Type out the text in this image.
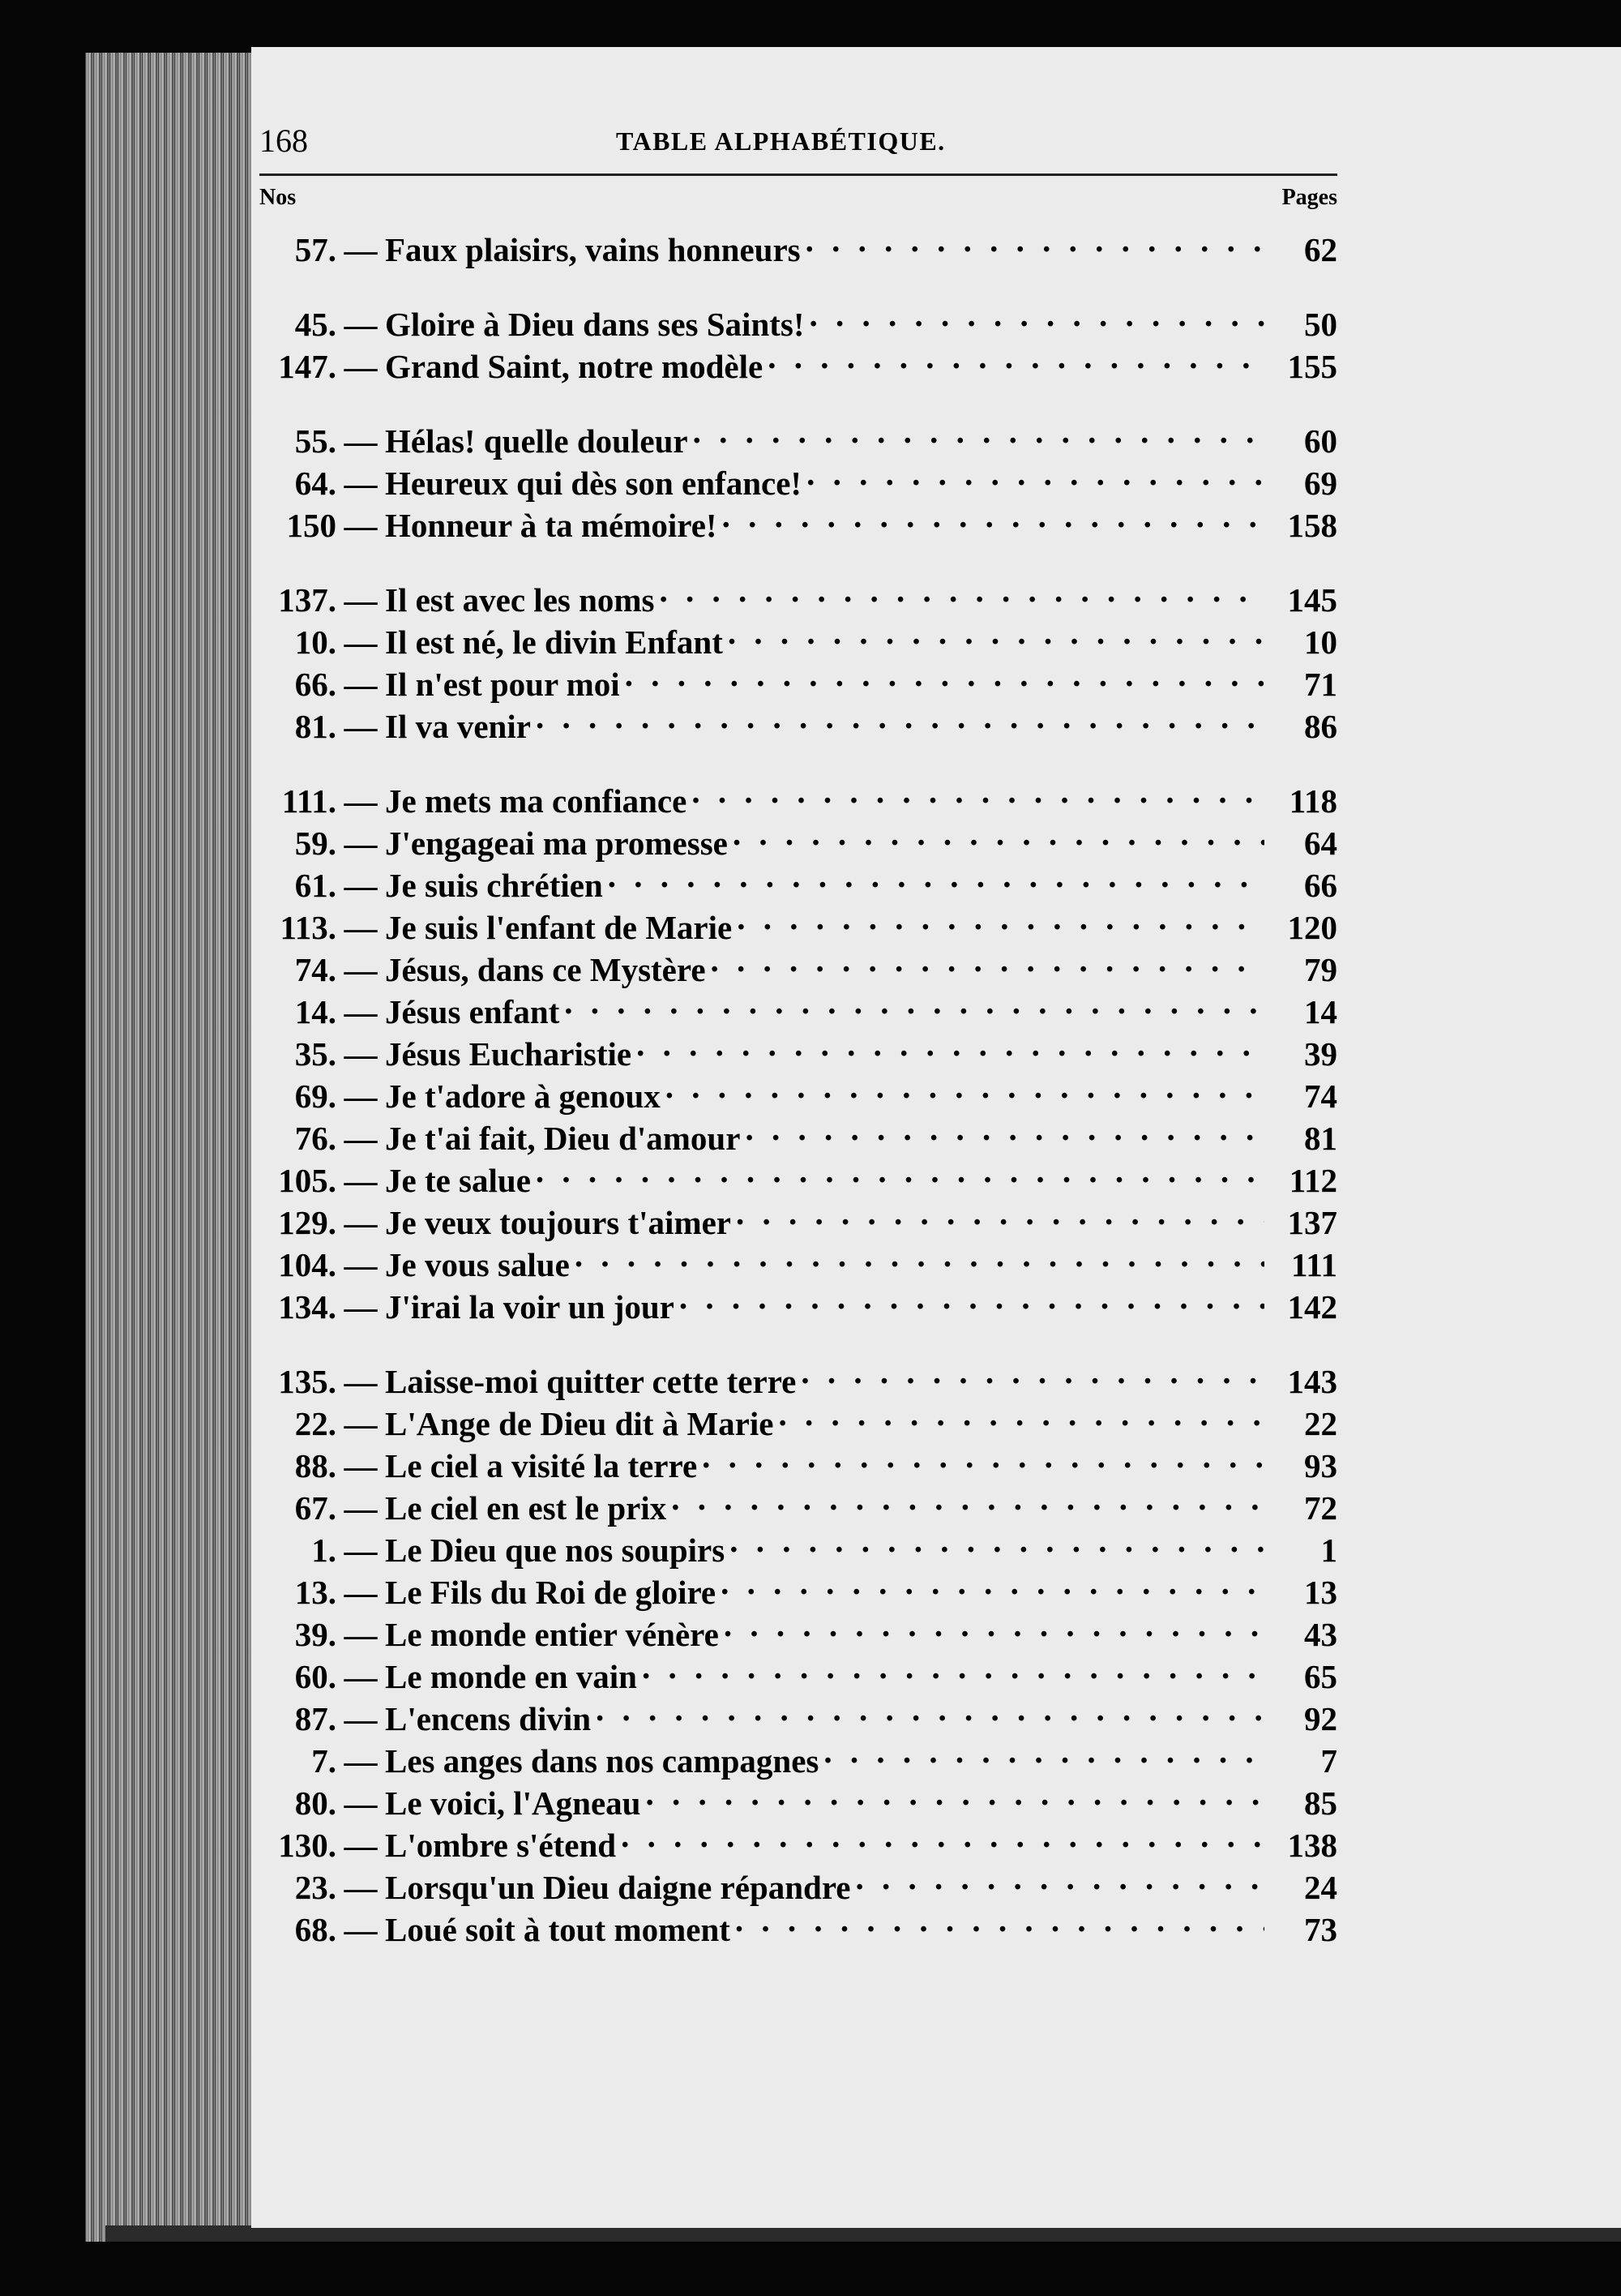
168	TABLE ALPHABÉTIQUE.
Nos	Pages
57. — Faux plaisirs, vains honneurs . . .	62
45. — Gloire à Dieu dans ses Saints! . . .	50
147. — Grand Saint, notre modèle . . .	155
55. — Hélas! quelle douleur . . .	60
64. — Heureux qui dès son enfance! . . .	69
150 — Honneur à ta mémoire! . . .	158
137. — Il est avec les noms . . .	145
10. — Il est né, le divin Enfant . . .	10
66. — Il n'est pour moi . . .	71
81. — Il va venir . . .	86
111. — Je mets ma confiance . . .	118
59. — J'engageai ma promesse . . .	64
61. — Je suis chrétien . . .	66
113. — Je suis l'enfant de Marie . . .	120
74. — Jésus, dans ce Mystère . . .	79
14. — Jésus enfant . . .	14
35. — Jésus Eucharistie . . .	39
69. — Je t'adore à genoux . . .	74
76. — Je t'ai fait, Dieu d'amour . . .	81
105. — Je te salue . . .	112
129. — Je veux toujours t'aimer . . .	137
104. — Je vous salue . . .	111
134. — J'irai la voir un jour . . .	142
135. — Laisse-moi quitter cette terre . . .	143
22. — L'Ange de Dieu dit à Marie . . .	22
88. — Le ciel a visité la terre . . .	93
67. — Le ciel en est le prix . . .	72
1. — Le Dieu que nos soupirs . . .	1
13. — Le Fils du Roi de gloire . . .	13
39. — Le monde entier vénère . . .	43
60. — Le monde en vain . . .	65
87. — L'encens divin . . .	92
7. — Les anges dans nos campagnes . . .	7
80. — Le voici, l'Agneau . . .	85
130. — L'ombre s'étend . . .	138
23. — Lorsqu'un Dieu daigne répandre . . .	24
68. — Loué soit à tout moment . . .	73
